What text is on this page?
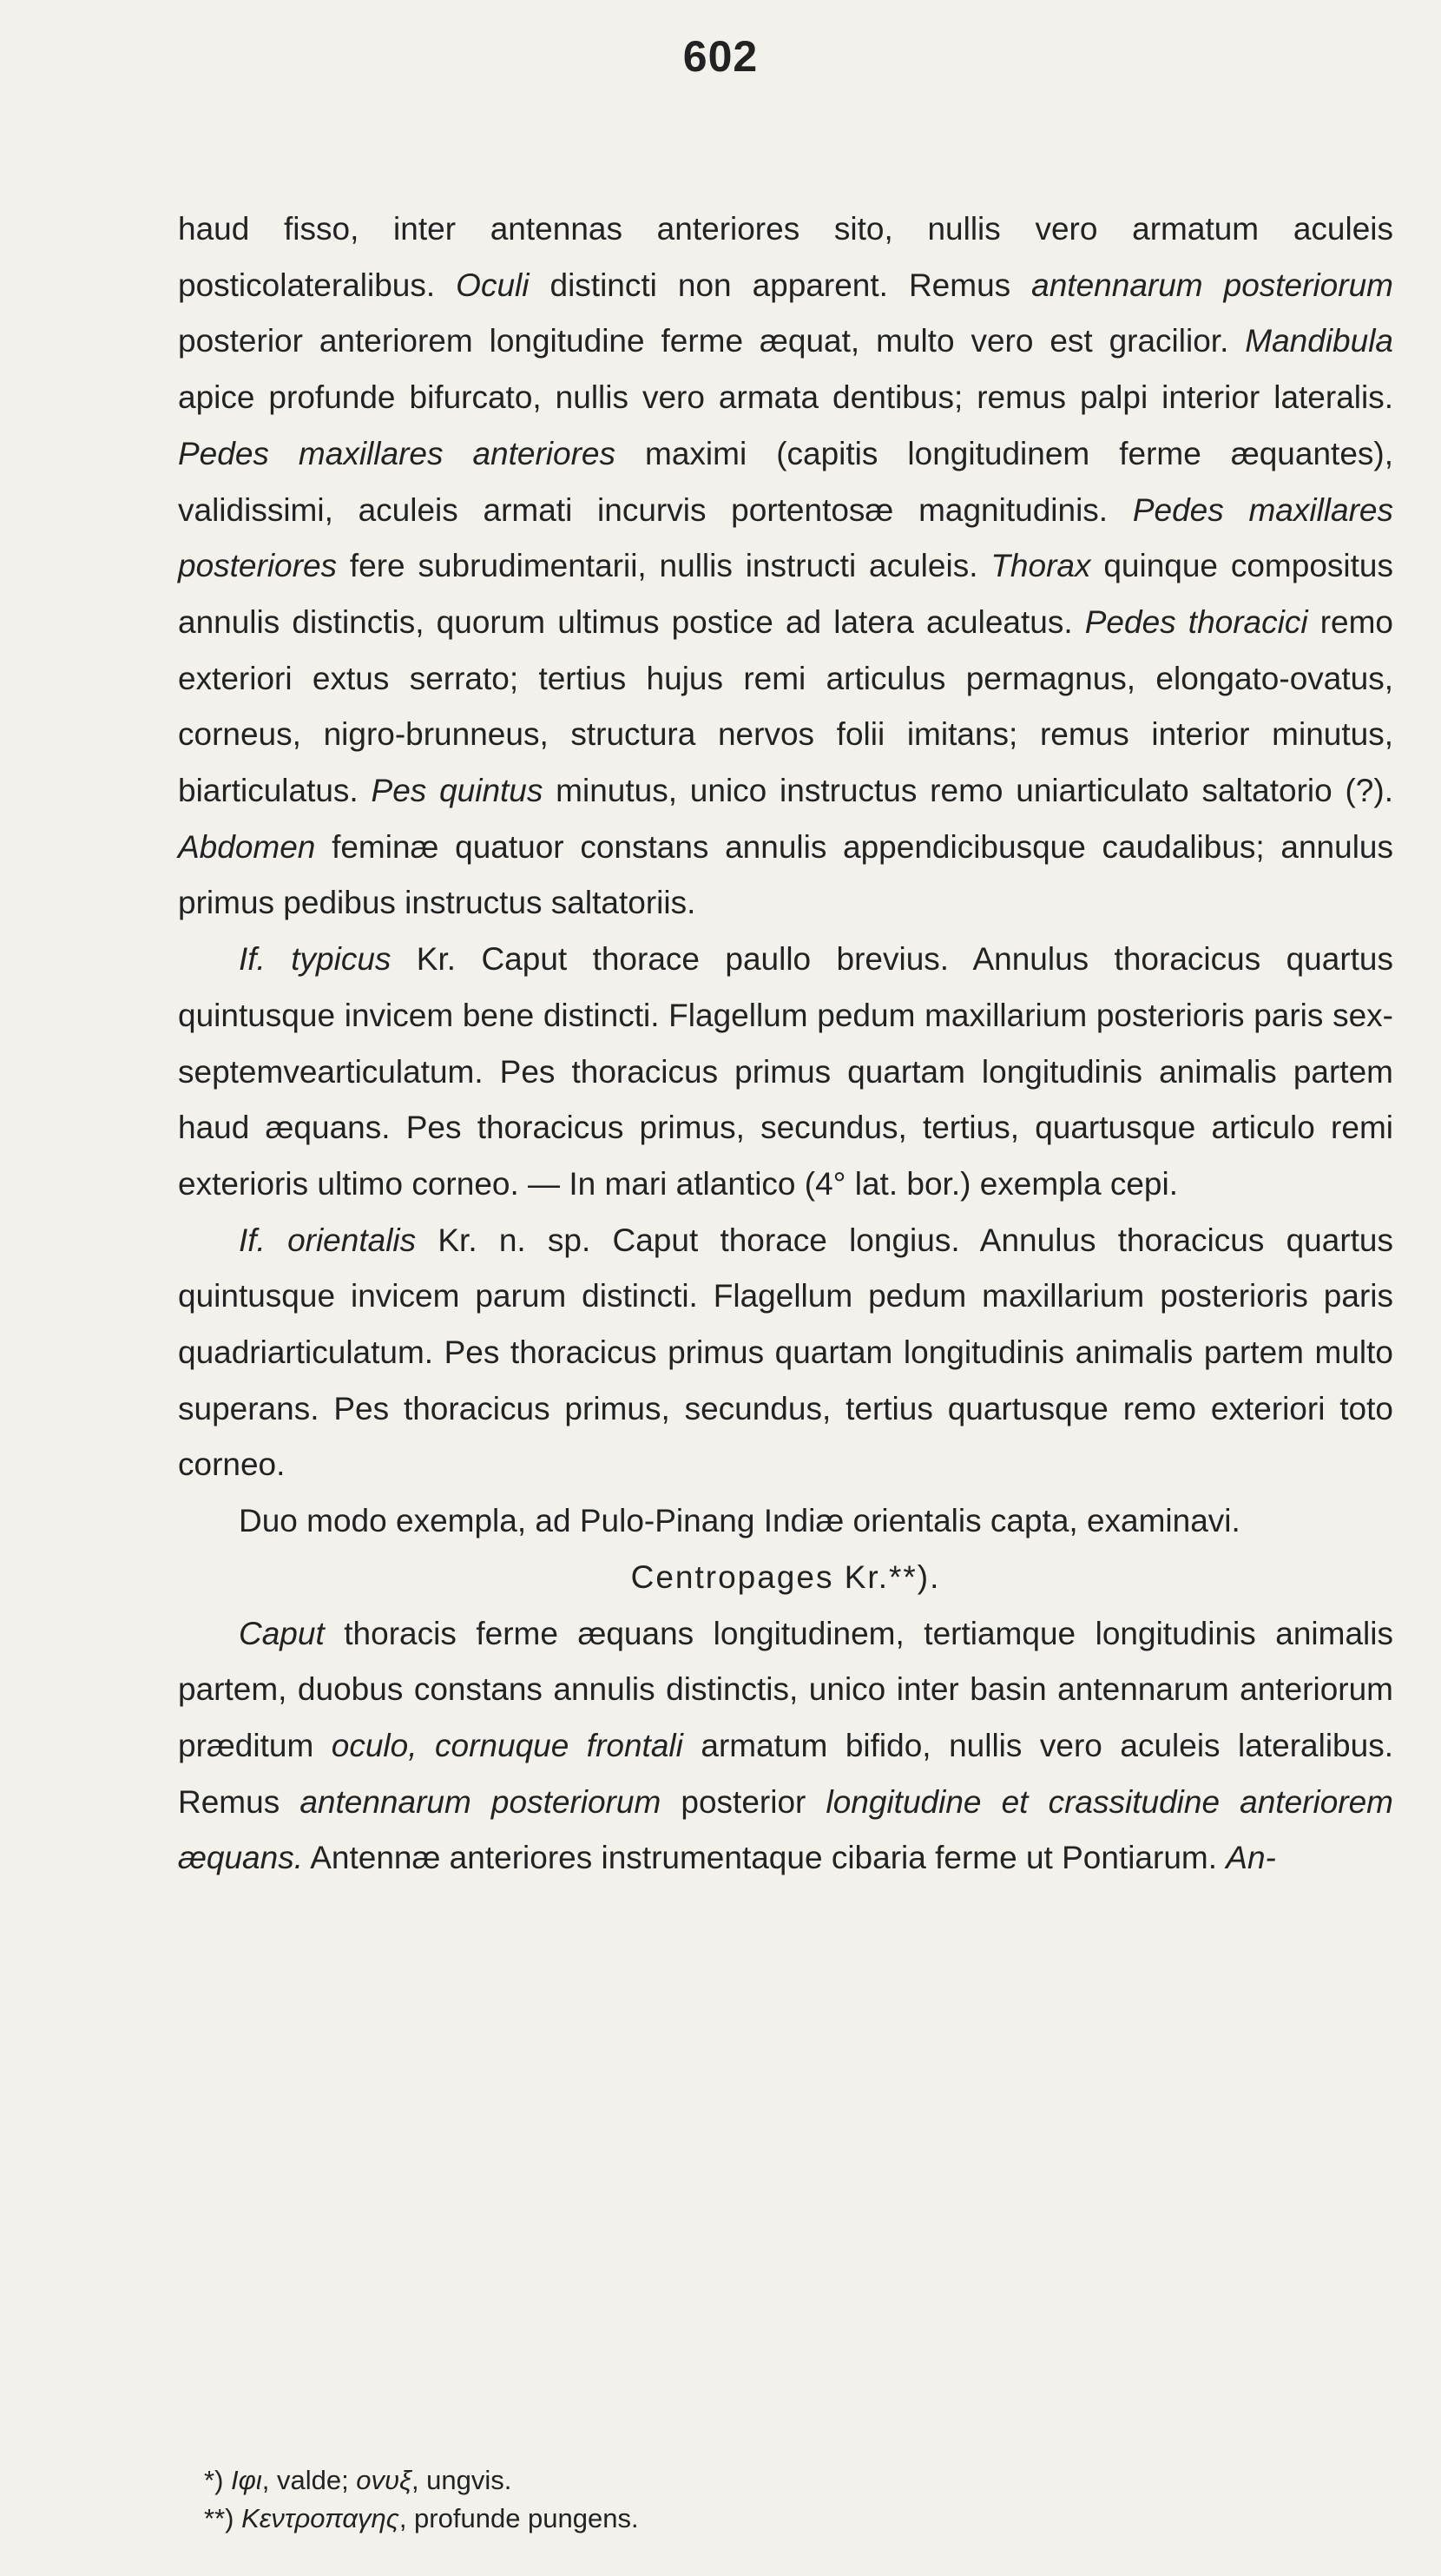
602

haud fisso, inter antennas anteriores sito, nullis vero armatum aculeis posticolateralibus. Oculi distincti non apparent. Remus antennarum posteriorum posterior anteriorem longitudine ferme æquat, multo vero est gracilior. Mandibula apice profunde bifurcato, nullis vero armata dentibus; remus palpi interior lateralis. Pedes maxillares anteriores maximi (capitis longitudinem ferme æquantes), validissimi, aculeis armati incurvis portentosæ magnitudinis. Pedes maxillares posteriores fere subrudimentarii, nullis instructi aculeis. Thorax quinque compositus annulis distinctis, quorum ultimus postice ad latera aculeatus. Pedes thoracici remo exteriori extus serrato; tertius hujus remi articulus permagnus, elongato-ovatus, corneus, nigro-brunneus, structura nervos folii imitans; remus interior minutus, biarticulatus. Pes quintus minutus, unico instructus remo uniarticulato saltatorio (?). Abdomen feminæ quatuor constans annulis appendicibusque caudalibus; annulus primus pedibus instructus saltatoriis.

If. typicus Kr. Caput thorace paullo brevius. Annulus thoracicus quartus quintusque invicem bene distincti. Flagellum pedum maxillarium posterioris paris sex-septemvearticulatum. Pes thoracicus primus quartam longitudinis animalis partem haud æquans. Pes thoracicus primus, secundus, tertius, quartusque articulo remi exterioris ultimo corneo. — In mari atlantico (4° lat. bor.) exempla cepi.

If. orientalis Kr. n. sp. Caput thorace longius. Annulus thoracicus quartus quintusque invicem parum distincti. Flagellum pedum maxillarium posterioris paris quadriarticulatum. Pes thoracicus primus quartam longitudinis animalis partem multo superans. Pes thoracicus primus, secundus, tertius quartusque remo exteriori toto corneo.

Duo modo exempla, ad Pulo-Pinang Indiæ orientalis capta, examinavi.

Centropages Kr.**).

Caput thoracis ferme æquans longitudinem, tertiamque longitudinis animalis partem, duobus constans annulis distinctis, unico inter basin antennarum anteriorum præditum oculo, cornuque frontali armatum bifido, nullis vero aculeis lateralibus. Remus antennarum posteriorum posterior longitudine et crassitudine anteriorem æquans. Antennæ anteriores instrumentaque cibaria ferme ut Pontiarum. An-

*) Iφι, valde; ovυξ, ungvis.

**) Κεντροπαγης, profunde pungens.
